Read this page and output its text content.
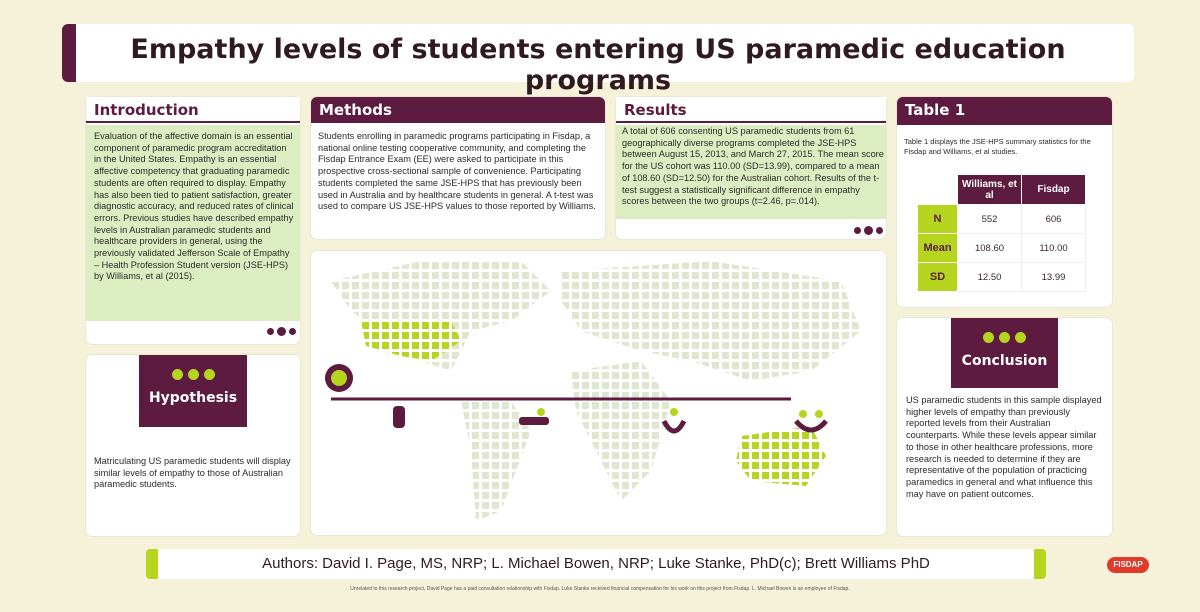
Empathy levels of students entering US paramedic education programs
Introduction
Evaluation of the affective domain is an essential component of paramedic program accreditation in the United States. Empathy is an essential affective competency that graduating paramedic students are often required to display. Empathy has also been tied to patient satisfaction, greater diagnostic accuracy, and reduced rates of clinical errors. Previous studies have described empathy levels in Australian paramedic students and healthcare providers in general, using the previously validated Jefferson Scale of Empathy – Health Profession Student version (JSE-HPS) by Williams, et al (2015).
Methods
Students enrolling in paramedic programs participating in Fisdap, a national online testing cooperative community, and completing the Fisdap Entrance Exam (EE) were asked to participate in this prospective cross-sectional sample of convenience. Participating students completed the same JSE-HPS that has previously been used in Australia and by healthcare students in general. A t-test was used to compare US JSE-HPS values to those reported by Williams.
Results
A total of 606 consenting US paramedic students from 61 geographically diverse programs completed the JSE-HPS between August 15, 2013, and March 27, 2015. The mean score for the US cohort was 110.00 (SD=13.99), compared to a mean of 108.60 (SD=12.50) for the Australian cohort. Results of the t-test suggest a statistically significant difference in empathy scores between the two groups (t=2.46, p=.014).
Table 1
Table 1 displays the JSE-HPS summary statistics for the Fisdap and Williams, et al studies.
	Williams, et al	Fisdap
N	552	606
Mean	108.60	110.00
SD	12.50	13.99
Hypothesis
Matriculating US paramedic students will display similar levels of empathy to those of Australian paramedic students.
Conclusion
US paramedic students in this sample displayed higher levels of empathy than previously reported levels from their Australian counterparts. While these levels appear similar to those in other healthcare professions, more research is needed to determine if they are representative of the population of practicing paramedics in general and what influence this may have on patient outcomes.
Authors: David I. Page, MS, NRP; L. Michael Bowen, NRP; Luke Stanke, PhD(c); Brett Williams PhD
Unrelated to this research project, David Page has a paid consultation relationship with Fisdap. Luke Stanke received financial compensation for his work on this project from Fisdap. L. Michael Bowen is an employee of Fisdap.
FISDAP
